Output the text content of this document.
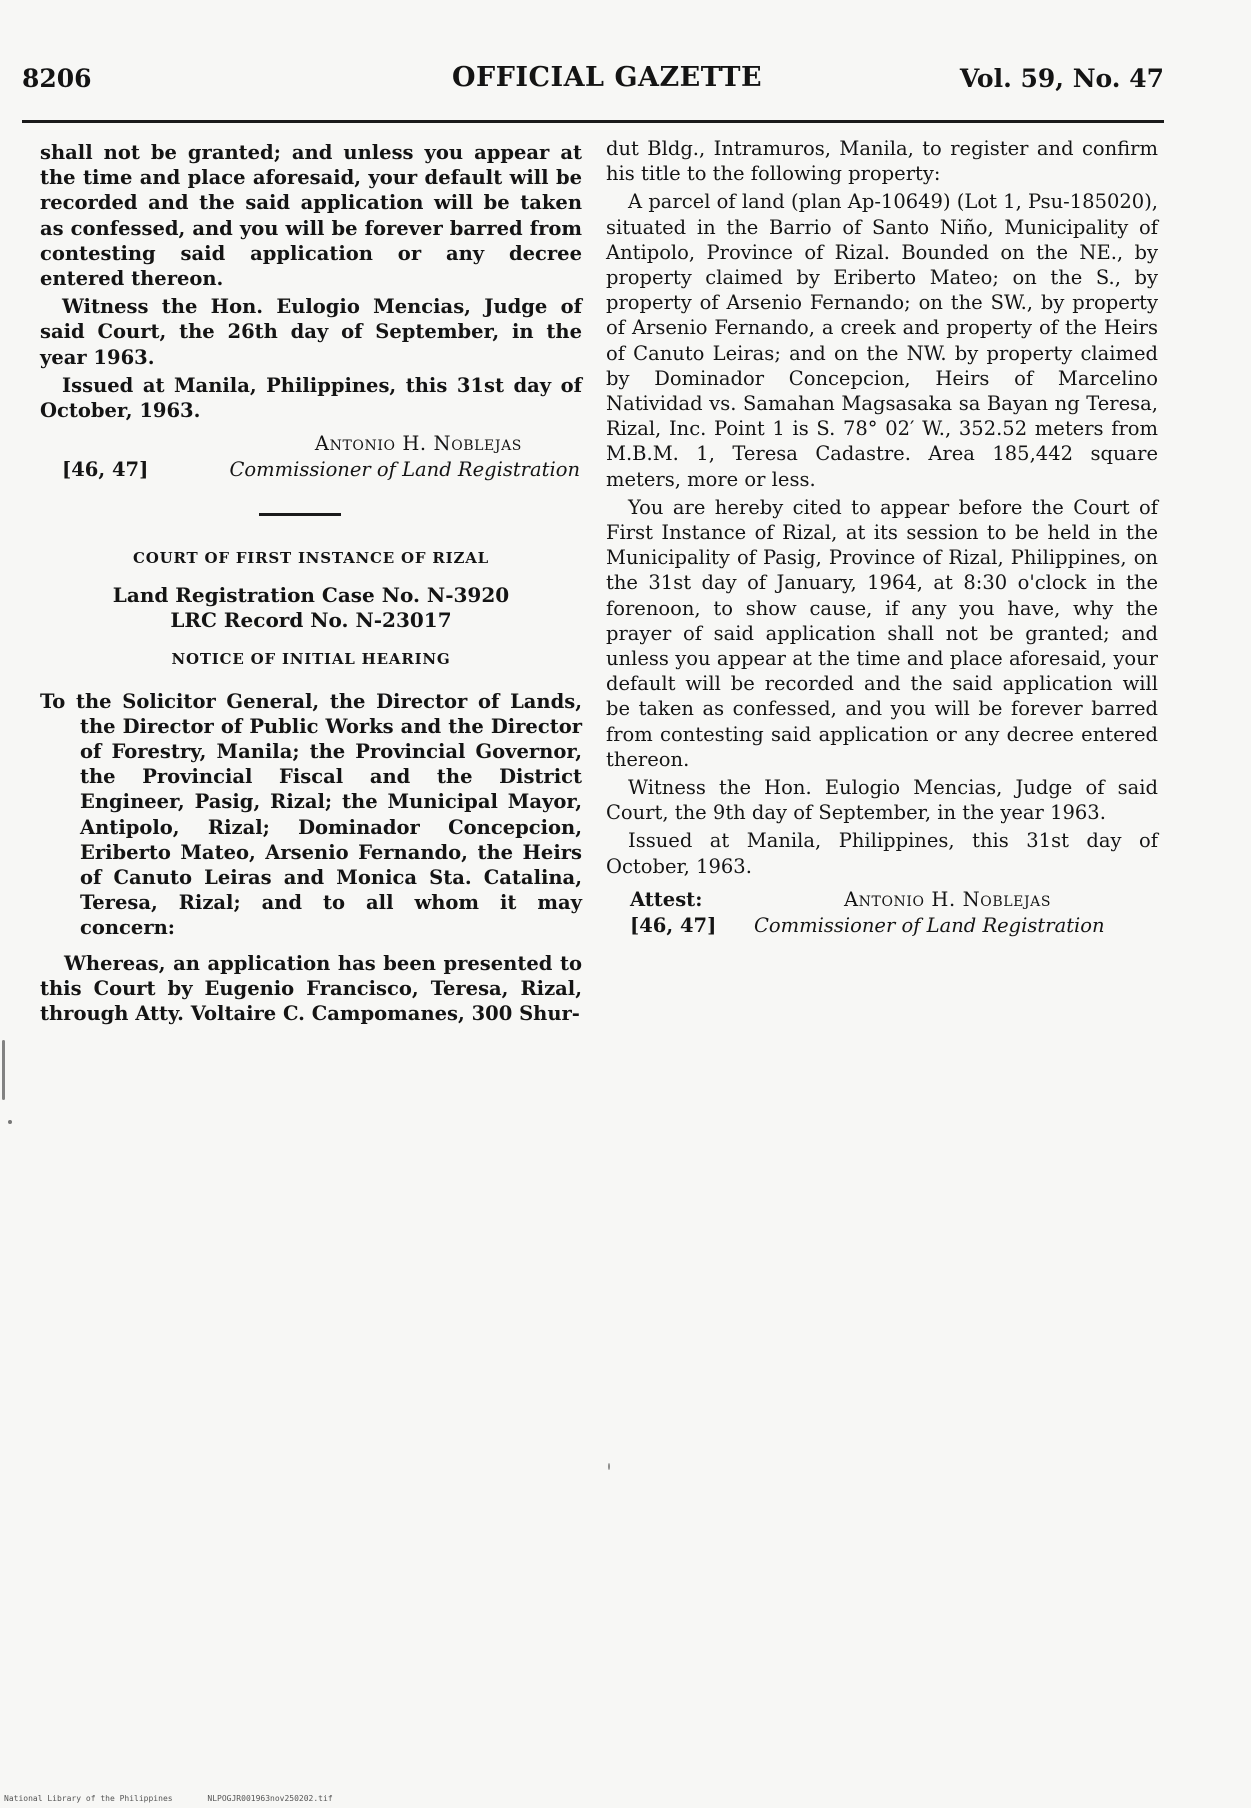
8206	OFFICIAL GAZETTE	Vol. 59, No. 47

shall not be granted; and unless you appear at the time and place aforesaid, your default will be recorded and the said application will be taken as confessed, and you will be forever barred from contesting said application or any decree entered thereon.

Witness the Hon. Eulogio Mencias, Judge of said Court, the 26th day of September, in the year 1963.

Issued at Manila, Philippines, this 31st day of October, 1963.

Antonio H. Noblejas
[46, 47]	Commissioner of Land Registration

COURT OF FIRST INSTANCE OF RIZAL

Land Registration Case No. N-3920
LRC Record No. N-23017

NOTICE OF INITIAL HEARING

To the Solicitor General, the Director of Lands, the Director of Public Works and the Director of Forestry, Manila; the Provincial Governor, the Provincial Fiscal and the District Engineer, Pasig, Rizal; the Municipal Mayor, Antipolo, Rizal; Dominador Concepcion, Eriberto Mateo, Arsenio Fernando, the Heirs of Canuto Leiras and Monica Sta. Catalina, Teresa, Rizal; and to all whom it may concern:

Whereas, an application has been presented to this Court by Eugenio Francisco, Teresa, Rizal, through Atty. Voltaire C. Campomanes, 300 Shur-

dut Bldg., Intramuros, Manila, to register and confirm his title to the following property:

A parcel of land (plan Ap-10649) (Lot 1, Psu-185020), situated in the Barrio of Santo Niño, Municipality of Antipolo, Province of Rizal. Bounded on the NE., by property claimed by Eriberto Mateo; on the S., by property of Arsenio Fernando; on the SW., by property of Arsenio Fernando, a creek and property of the Heirs of Canuto Leiras; and on the NW. by property claimed by Dominador Concepcion, Heirs of Marcelino Natividad vs. Samahan Magsasaka sa Bayan ng Teresa, Rizal, Inc. Point 1 is S. 78° 02′ W., 352.52 meters from M.B.M. 1, Teresa Cadastre. Area 185,442 square meters, more or less.

You are hereby cited to appear before the Court of First Instance of Rizal, at its session to be held in the Municipality of Pasig, Province of Rizal, Philippines, on the 31st day of January, 1964, at 8:30 o'clock in the forenoon, to show cause, if any you have, why the prayer of said application shall not be granted; and unless you appear at the time and place aforesaid, your default will be recorded and the said application will be taken as confessed, and you will be forever barred from contesting said application or any decree entered thereon.

Witness the Hon. Eulogio Mencias, Judge of said Court, the 9th day of September, in the year 1963.

Issued at Manila, Philippines, this 31st day of October, 1963.

Attest:	Antonio H. Noblejas
[46, 47] Commissioner of Land Registration
National Library of the Philippines	NLPOGJR001963nov250202.tif
